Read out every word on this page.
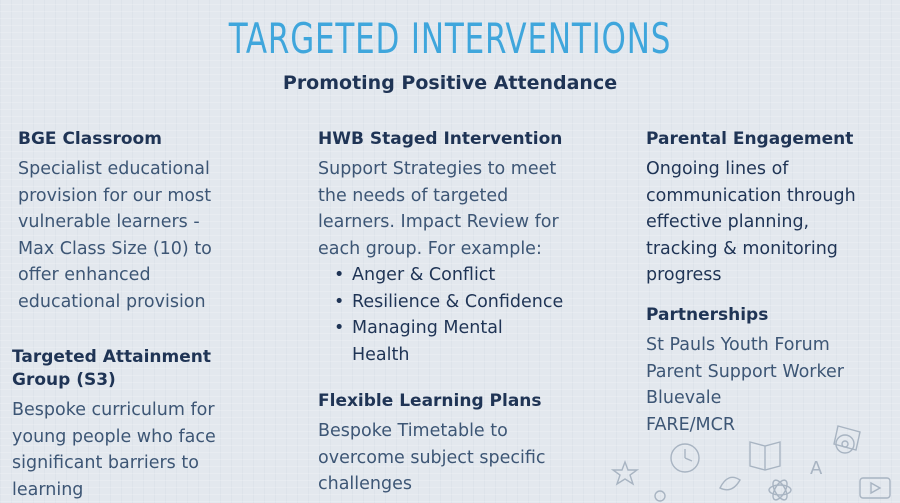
TARGETED INTERVENTIONS
Promoting Positive Attendance

BGE Classroom

Specialist educational
provision for our most
vulnerable learners -
Max Class Size (10) to
offer enhanced
educational provision

Targeted Attainment
Group (S3)

Bespoke curriculum for
young people who face
significant barriers to
learning

HWB Staged Intervention

Support Strategies to meet
the needs of targeted
learners. Impact Review for
each group. For example:
• Anger & Conflict
• Resilience & Confidence
• Managing Mental
Health

Flexible Learning Plans

Bespoke Timetable to
overcome subject specific
challenges

Parental Engagement

Ongoing lines of
communication through
effective planning,
tracking & monitoring
progress

Partnerships

St Pauls Youth Forum
Parent Support Worker
Bluevale
FARE/MCR
A
